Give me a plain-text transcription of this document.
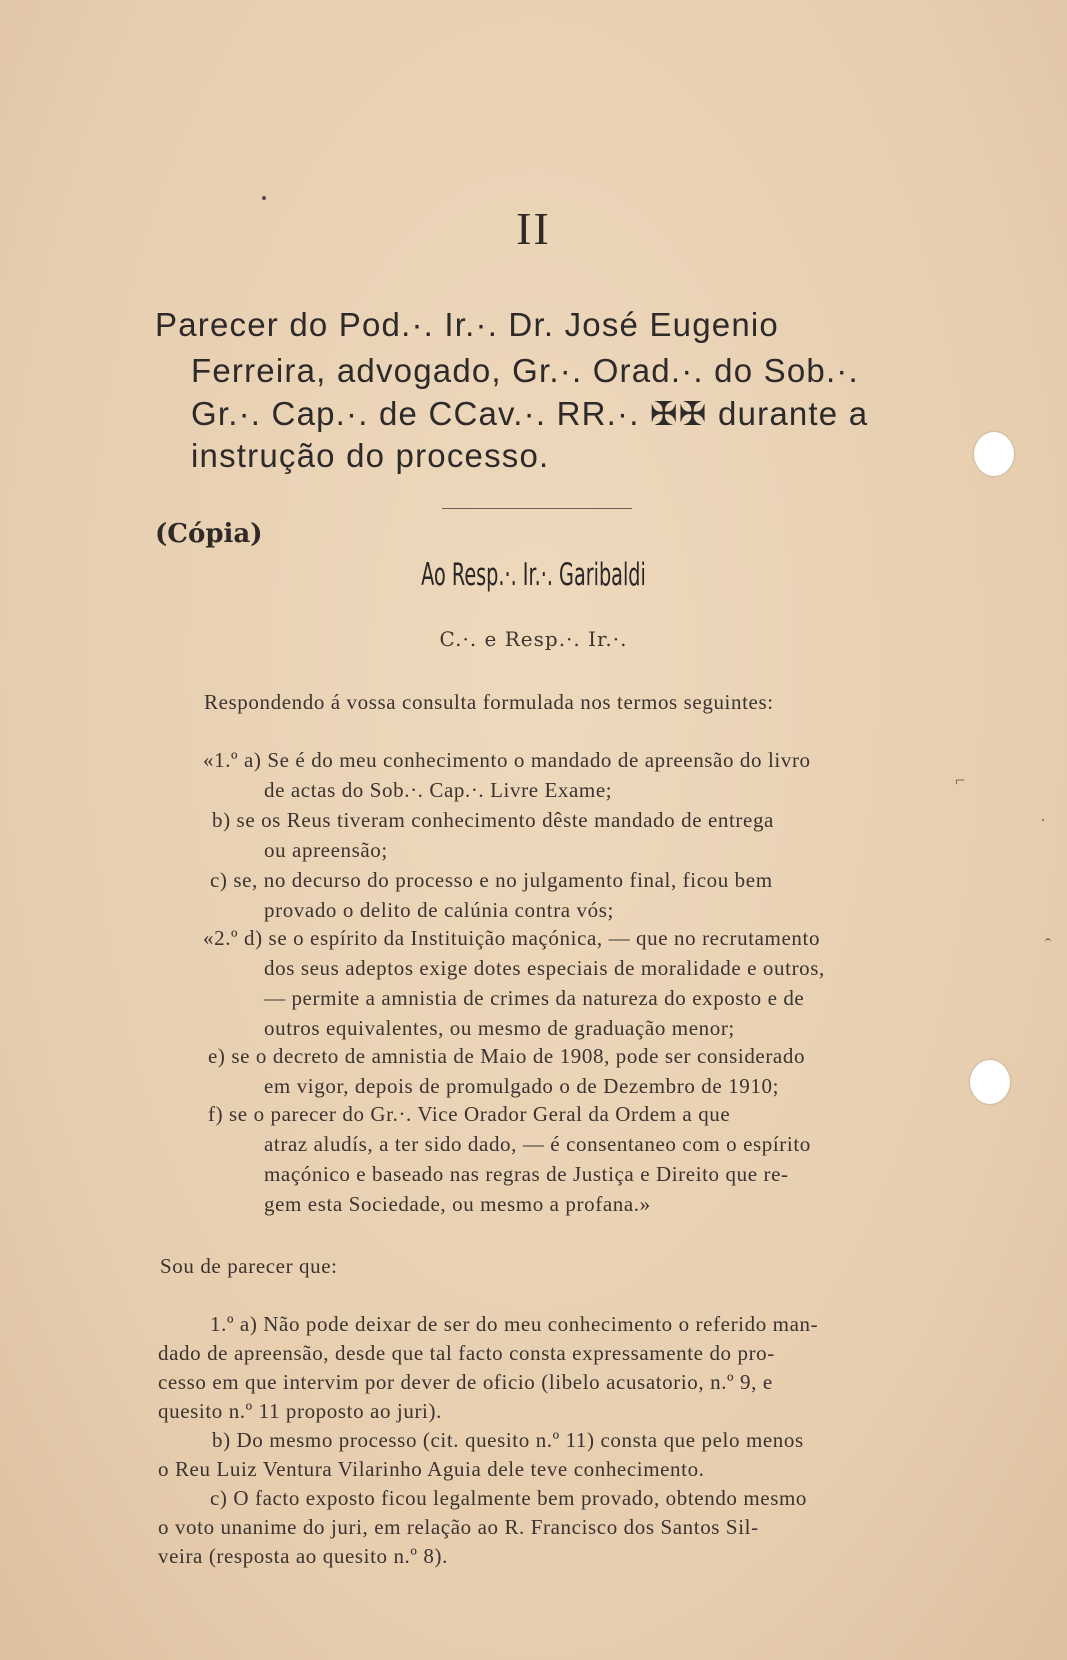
II

Parecer do Pod.·. Ir.·. Dr. José Eugenio

Ferreira, advogado, Gr.·. Orad.·. do Sob.·.

Gr.·. Cap.·. de CCav.·. RR.·. ✠✠ durante a

instrução do processo.

(Cópia)

Ao Resp.·. Ir.·. Garibaldi

C.·. e Resp.·. Ir.·.

Respondendo á vossa consulta formulada nos termos seguintes:

«1.º a) Se é do meu conhecimento o mandado de apreensão do livro

de actas do Sob.·. Cap.·. Livre Exame;

b) se os Reus tiveram conhecimento dêste mandado de entrega

ou apreensão;

c) se, no decurso do processo e no julgamento final, ficou bem

provado o delito de calúnia contra vós;

«2.º d) se o espírito da Instituição maçónica, — que no recrutamento

dos seus adeptos exige dotes especiais de moralidade e outros,

— permite a amnistia de crimes da natureza do exposto e de

outros equivalentes, ou mesmo de graduação menor;

e) se o decreto de amnistia de Maio de 1908, pode ser considerado

em vigor, depois de promulgado o de Dezembro de 1910;

f) se o parecer do Gr.·. Vice Orador Geral da Ordem a que

atraz aludís, a ter sido dado, — é consentaneo com o espírito

maçónico e baseado nas regras de Justiça e Direito que re-

gem esta Sociedade, ou mesmo a profana.»

Sou de parecer que:

1.º a) Não pode deixar de ser do meu conhecimento o referido man-

dado de apreensão, desde que tal facto consta expressamente do pro-

cesso em que intervim por dever de oficio (libelo acusatorio, n.º 9, e

quesito n.º 11 proposto ao juri).

b) Do mesmo processo (cit. quesito n.º 11) consta que pelo menos

o Reu Luiz Ventura Vilarinho Aguia dele teve conhecimento.

c) O facto exposto ficou legalmente bem provado, obtendo mesmo

o voto unanime do juri, em relação ao R. Francisco dos Santos Sil-

veira (resposta ao quesito n.º 8).

⌐
˙
ˆ
